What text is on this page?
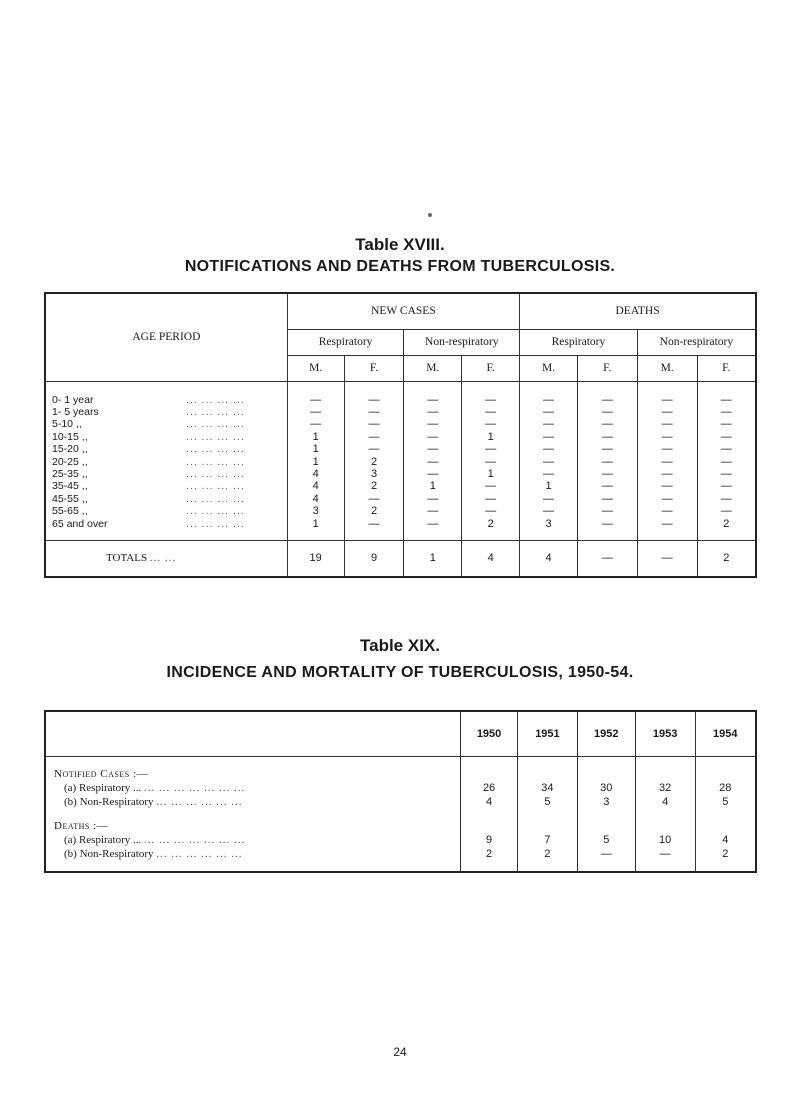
Table XVIII.
NOTIFICATIONS AND DEATHS FROM TUBERCULOSIS.
AGE PERIOD	NEW CASES				DEATHS			
	Respiratory		Non-respiratory		Respiratory		Non-respiratory	
	M.	F.	M.	F.	M.	F.	M.	F.
0- 1 year ... ... ... ...	—	—	—	—	—	—	—	—
1- 5 years ... ... ... ...	—	—	—	—	—	—	—	—
5-10 ,, ... ... ... ...	—	—	—	—	—	—	—	—
10-15 ,, ... ... ... ...	1	—	—	1	—	—	—	—
15-20 ,, ... ... ... ...	1	—	—	—	—	—	—	—
20-25 ,, ... ... ... ...	1	2	—	—	—	—	—	—
25-35 ,, ... ... ... ...	4	3	—	1	—	—	—	—
35-45 ,, ... ... ... ...	4	2	1	—	1	—	—	—
45-55 ,, ... ... ... ...	4	—	—	—	—	—	—	—
55-65 ,, ... ... ... ...	3	2	—	—	—	—	—	—
65 and over ... ... ... ...	1	—	—	2	3	—	—	2
TOTALS ... ...	19	9	1	4	4	—	—	2
Table XIX.
INCIDENCE AND MORTALITY OF TUBERCULOSIS, 1950-54.
	1950	1951	1952	1953	1954

Notified Cases :—					
(a) Respiratory ... ... ... ... ... ... ... ...	26	34	30	32	28
(b) Non-Respiratory ... ... ... ... ... ...	4	5	3	4	5

Deaths :—					
(a) Respiratory ... ... ... ... ... ... ... ...	9	7	5	10	4
(b) Non-Respiratory ... ... ... ... ... ...	2	2	—	—	2

24
